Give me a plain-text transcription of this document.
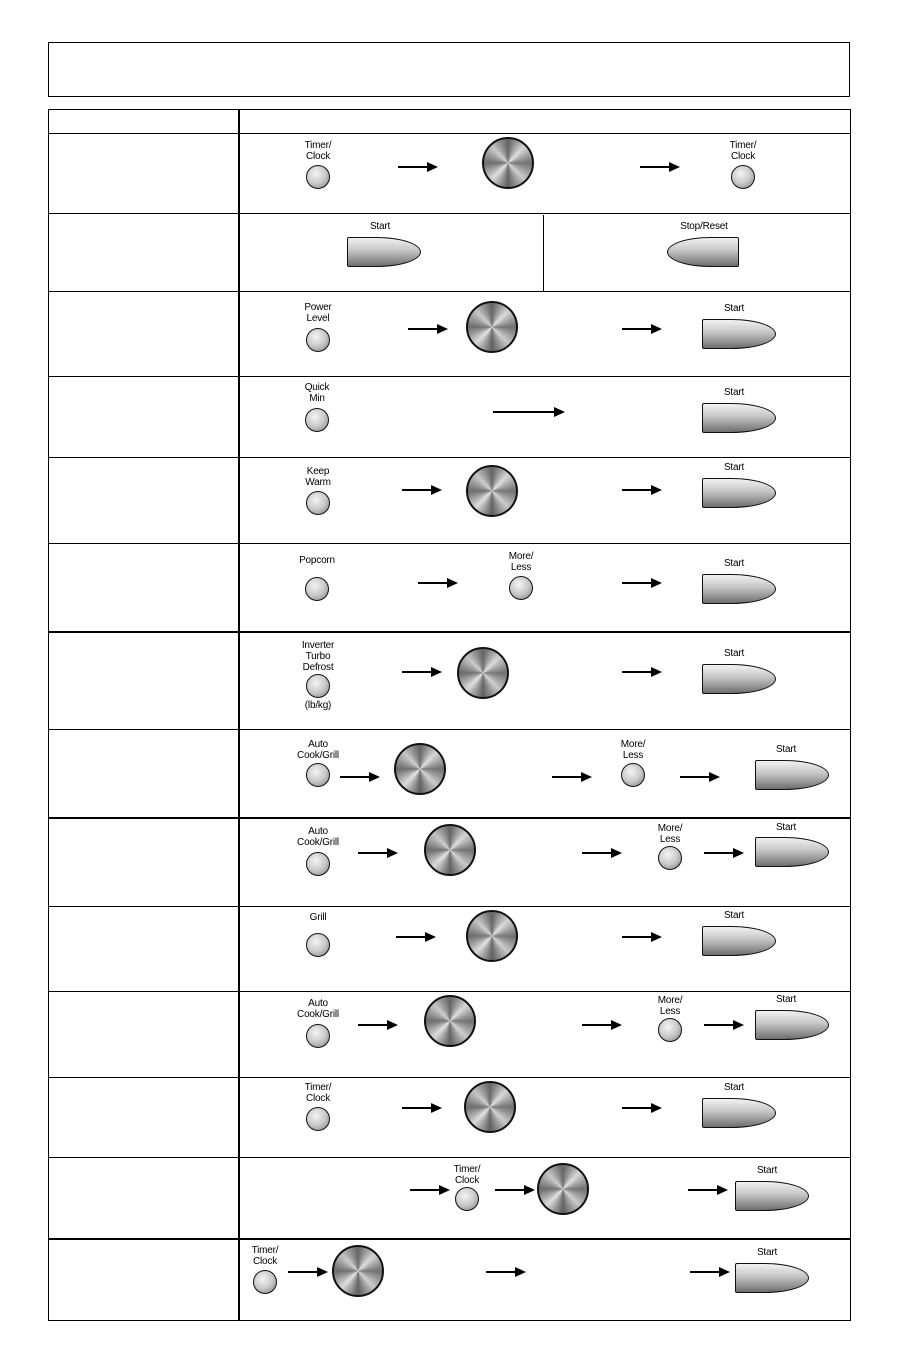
Timer/
Clock
Timer/
Clock
Start	Stop/Reset
Power
Level
Start
Quick
Min
Start
Keep
Warm
Start
Popcorn	More/
Less	Start
Inverter
Turbo
Defrost
(lb/kg)
Start
Auto
Cook/Grill
More/
Less
Start
Auto
Cook/Grill
More/
Less
Start
Grill	Start
Auto
Cook/Grill
More/
Less
Start
Timer/
Clock
Start
Timer/
Clock
Start
Timer/
Clock
Start
